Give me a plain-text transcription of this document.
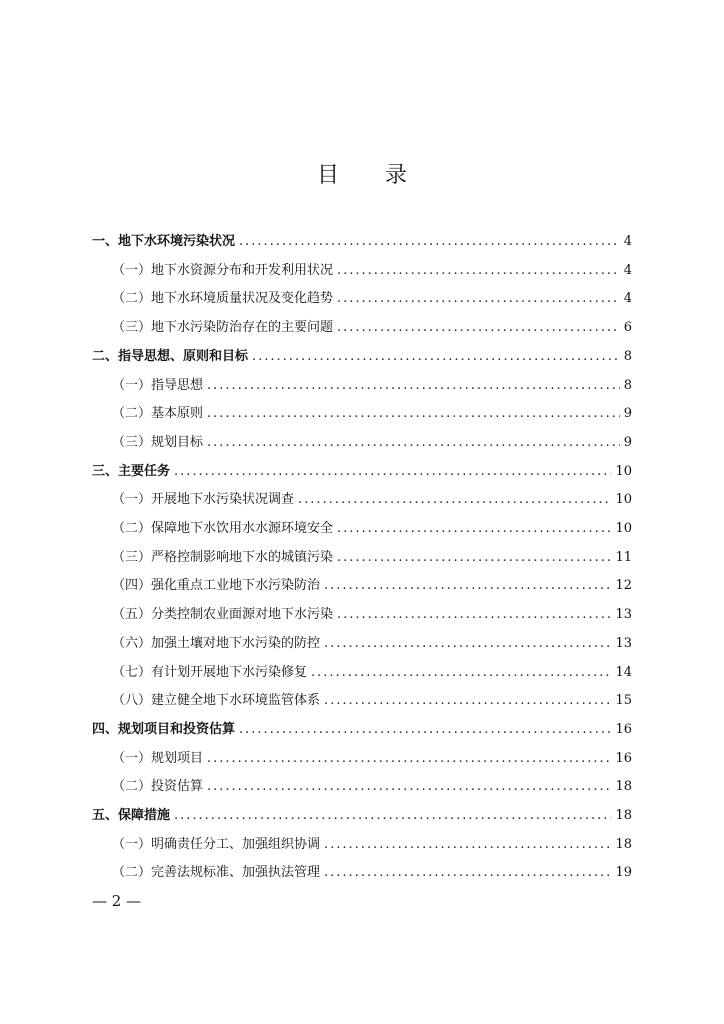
目 录
一、地下水环境污染状况 .....	4
（一）地下水资源分布和开发利用状况 .....	4
（二）地下水环境质量状况及变化趋势 .....	4
（三）地下水污染防治存在的主要问题 .....	6
二、指导思想、原则和目标 .....	8
（一）指导思想 .....	8
（二）基本原则 .....	9
（三）规划目标 .....	9
三、主要任务 .....	10
（一）开展地下水污染状况调查 .....	10
（二）保障地下水饮用水水源环境安全 .....	10
（三）严格控制影响地下水的城镇污染 .....	11
（四）强化重点工业地下水污染防治 .....	12
（五）分类控制农业面源对地下水污染 .....	13
（六）加强土壤对地下水污染的防控 .....	13
（七）有计划开展地下水污染修复 .....	14
（八）建立健全地下水环境监管体系 .....	15
四、规划项目和投资估算 .....	16
（一）规划项目 .....	16
（二）投资估算 .....	18
五、保障措施 .....	18
（一）明确责任分工、加强组织协调 .....	18
（二）完善法规标准、加强执法管理 .....	19
— 2 —
